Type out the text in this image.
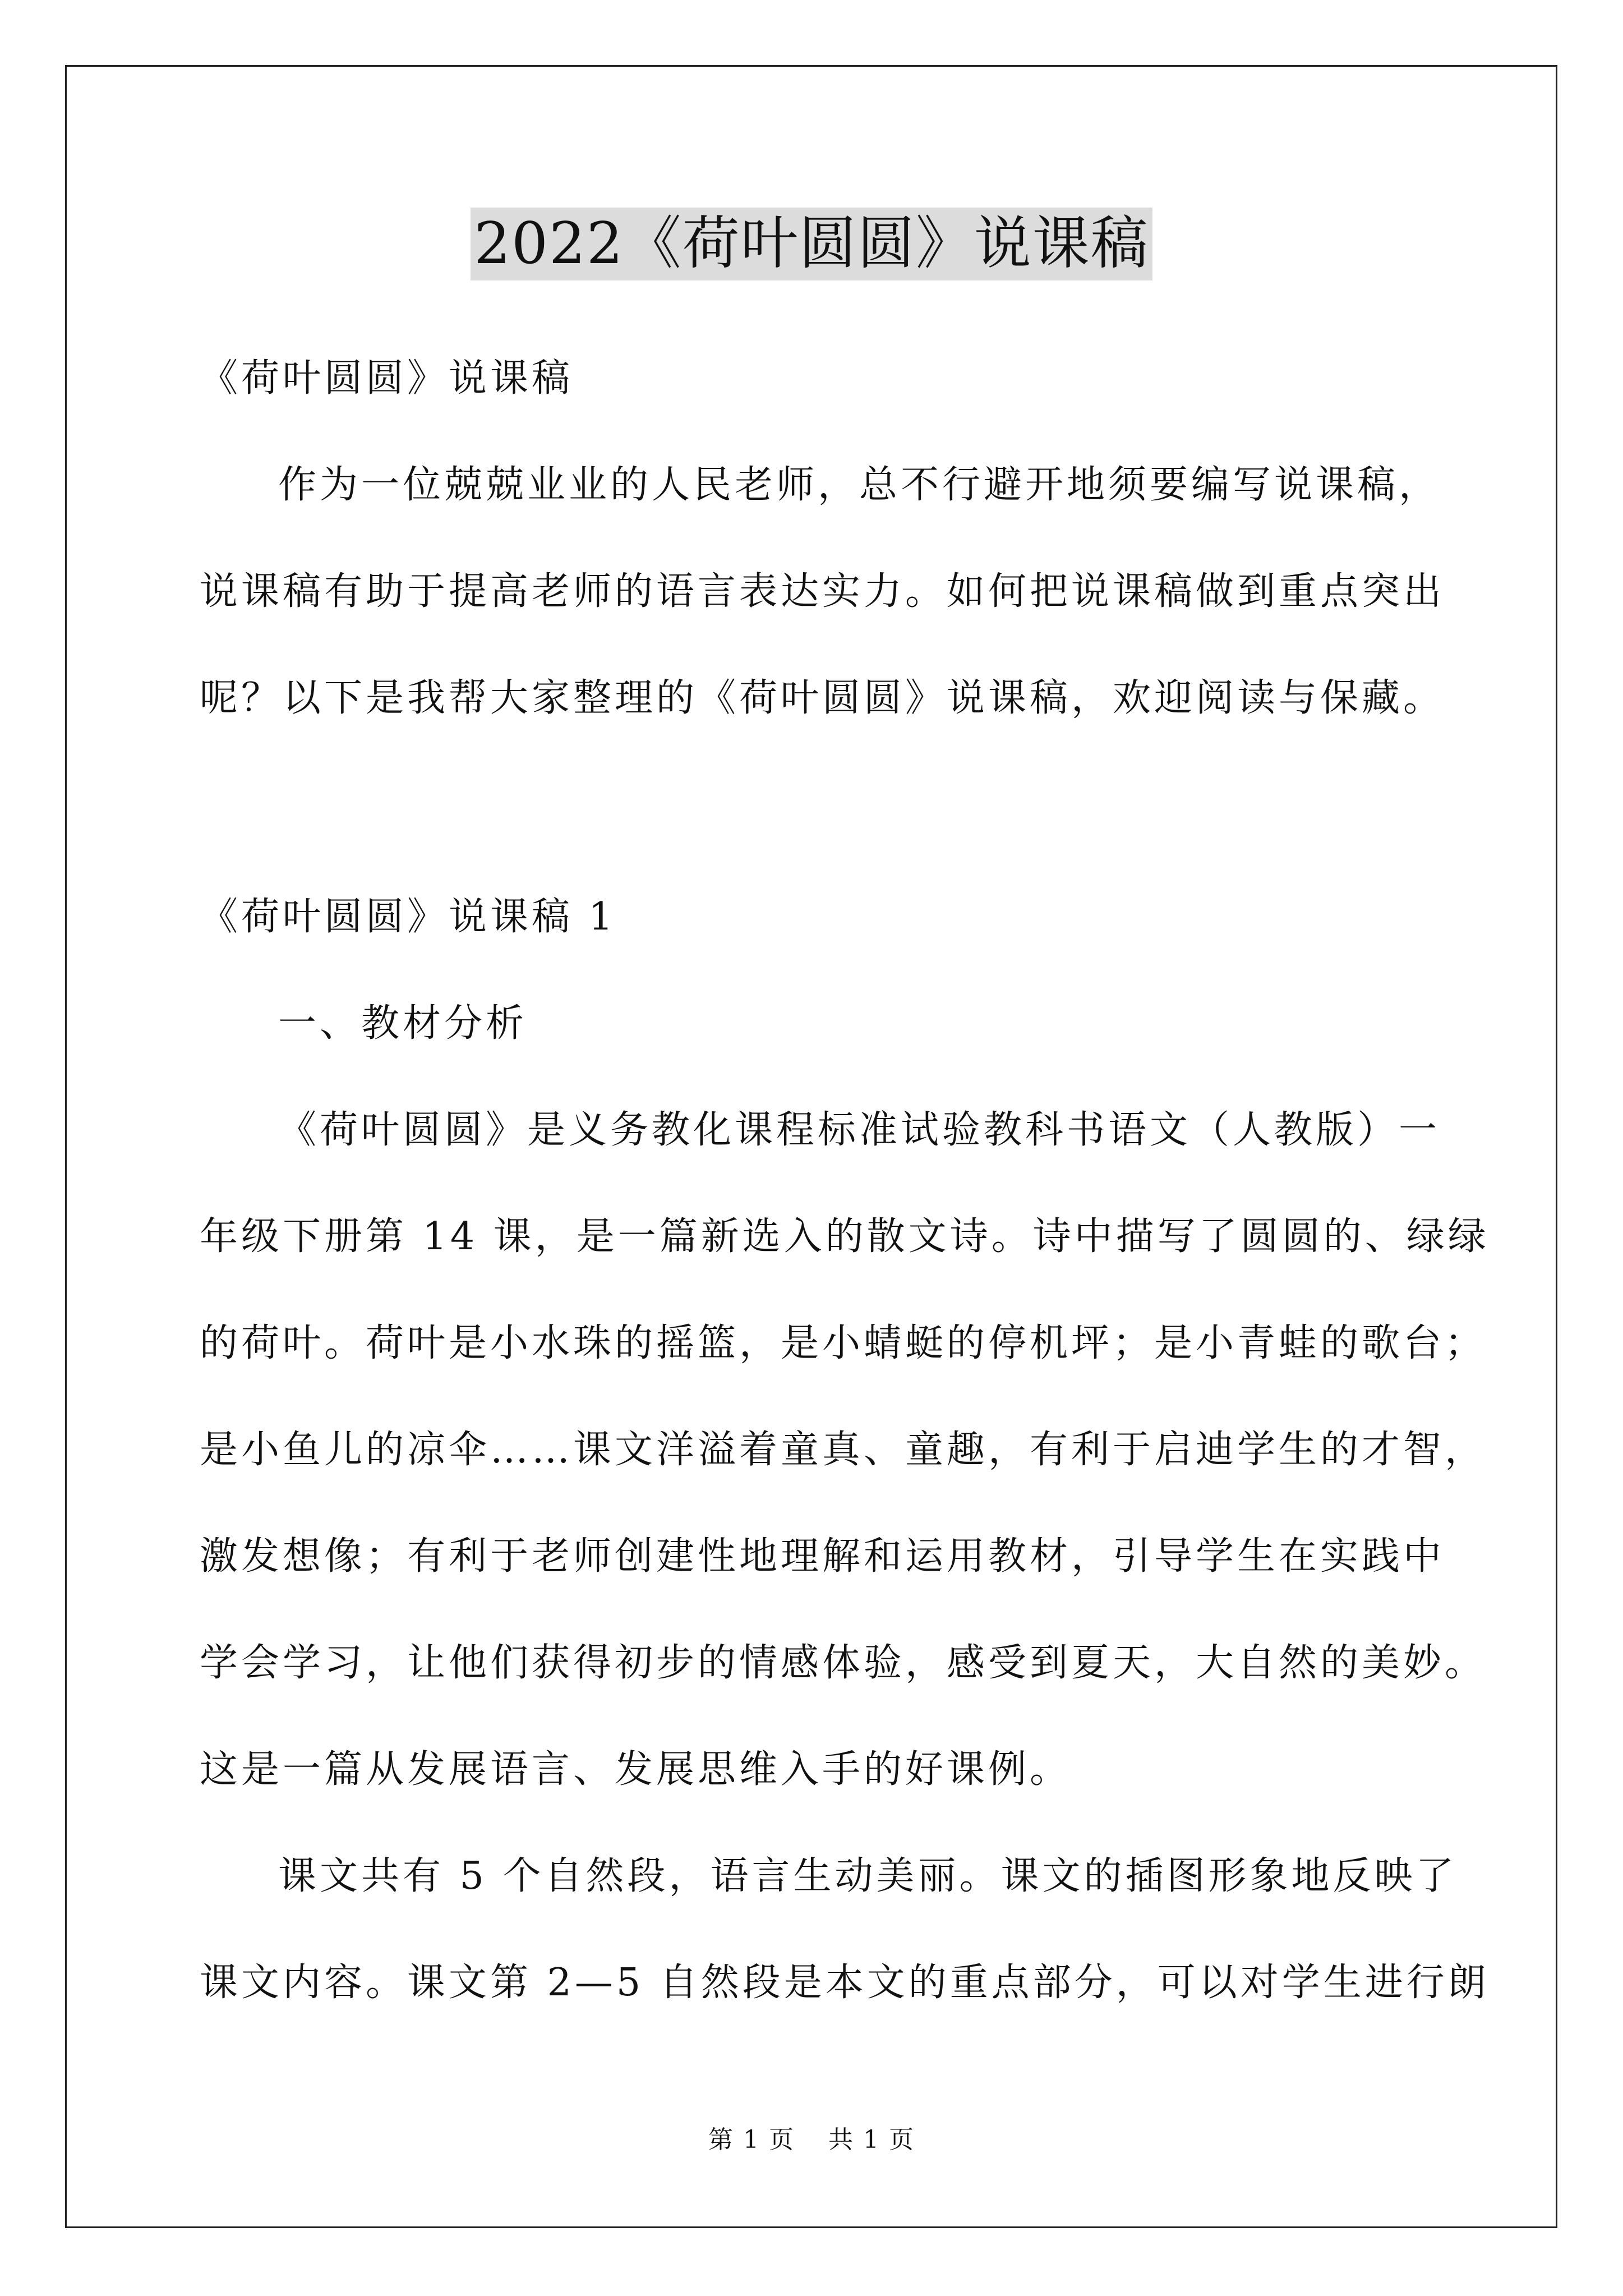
2022《荷叶圆圆》说课稿

《荷叶圆圆》说课稿

作为一位兢兢业业的人民老师，总不行避开地须要编写说课稿，

说课稿有助于提高老师的语言表达实力。如何把说课稿做到重点突出

呢？以下是我帮大家整理的《荷叶圆圆》说课稿，欢迎阅读与保藏。

《荷叶圆圆》说课稿 1

一、教材分析

《荷叶圆圆》是义务教化课程标准试验教科书语文（人教版）一

年级下册第 14 课，是一篇新选入的散文诗。诗中描写了圆圆的、绿绿

的荷叶。荷叶是小水珠的摇篮，是小蜻蜓的停机坪；是小青蛙的歌台；

是小鱼儿的凉伞……课文洋溢着童真、童趣，有利于启迪学生的才智，

激发想像；有利于老师创建性地理解和运用教材，引导学生在实践中

学会学习，让他们获得初步的情感体验，感受到夏天，大自然的美妙。

这是一篇从发展语言、发展思维入手的好课例。

课文共有 5 个自然段，语言生动美丽。课文的插图形象地反映了

课文内容。课文第 2—5 自然段是本文的重点部分，可以对学生进行朗

第 1 页 共 1 页
